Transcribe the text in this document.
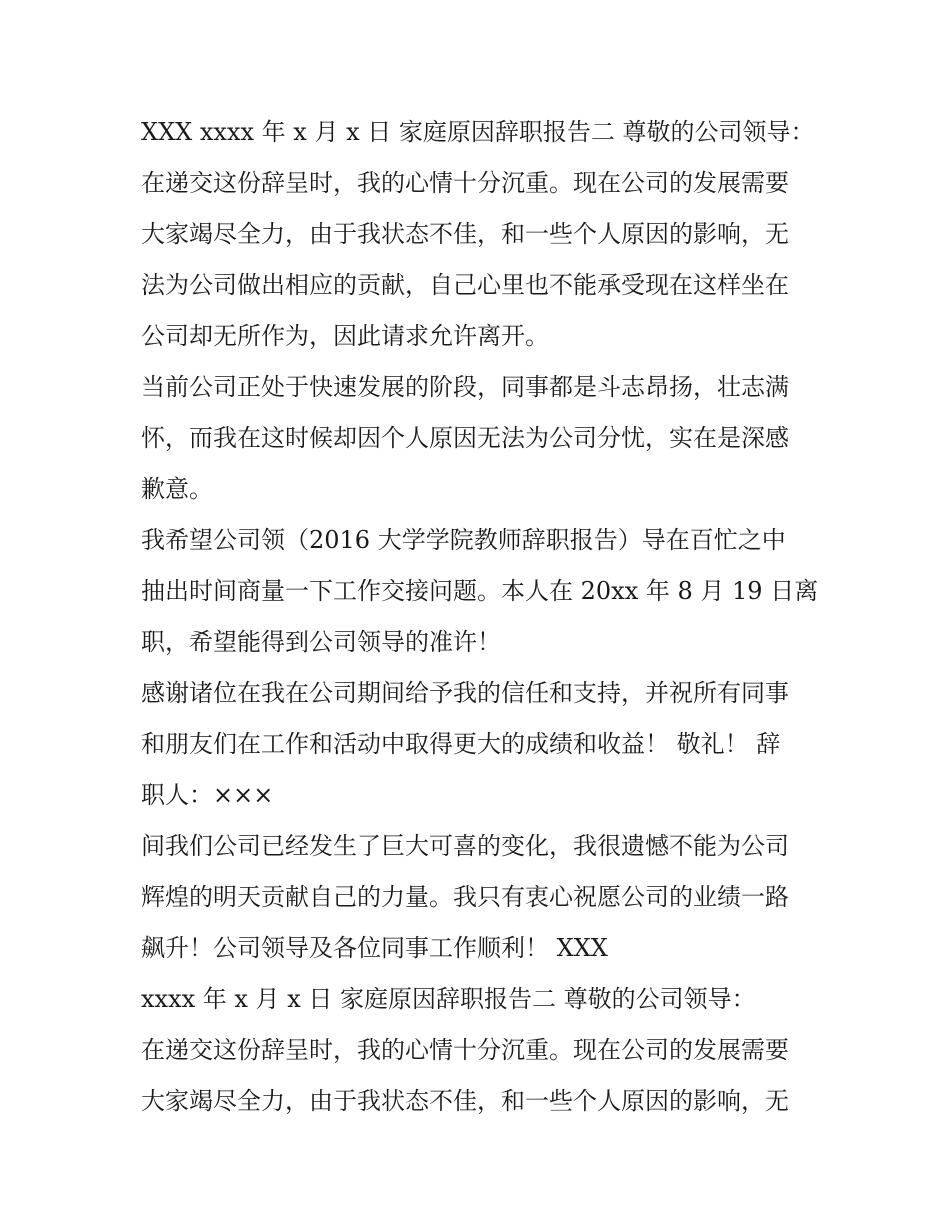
XXX xxxx 年 x 月 x 日 家庭原因辞职报告二 尊敬的公司领导：
在递交这份辞呈时，我的心情十分沉重。现在公司的发展需要
大家竭尽全力，由于我状态不佳，和一些个人原因的影响，无
法为公司做出相应的贡献，自己心里也不能承受现在这样坐在
公司却无所作为，因此请求允许离开。
当前公司正处于快速发展的阶段，同事都是斗志昂扬，壮志满
怀，而我在这时候却因个人原因无法为公司分忧，实在是深感
歉意。
我希望公司领（2016 大学学院教师辞职报告）导在百忙之中
抽出时间商量一下工作交接问题。本人在 20xx 年 8 月 19 日离
职，希望能得到公司领导的准许！
感谢诸位在我在公司期间给予我的信任和支持，并祝所有同事
和朋友们在工作和活动中取得更大的成绩和收益！ 敬礼！ 辞
职人：×××
间我们公司已经发生了巨大可喜的变化，我很遗憾不能为公司
辉煌的明天贡献自己的力量。我只有衷心祝愿公司的业绩一路
飙升！公司领导及各位同事工作顺利！ XXX
xxxx 年 x 月 x 日 家庭原因辞职报告二 尊敬的公司领导：
在递交这份辞呈时，我的心情十分沉重。现在公司的发展需要
大家竭尽全力，由于我状态不佳，和一些个人原因的影响，无
